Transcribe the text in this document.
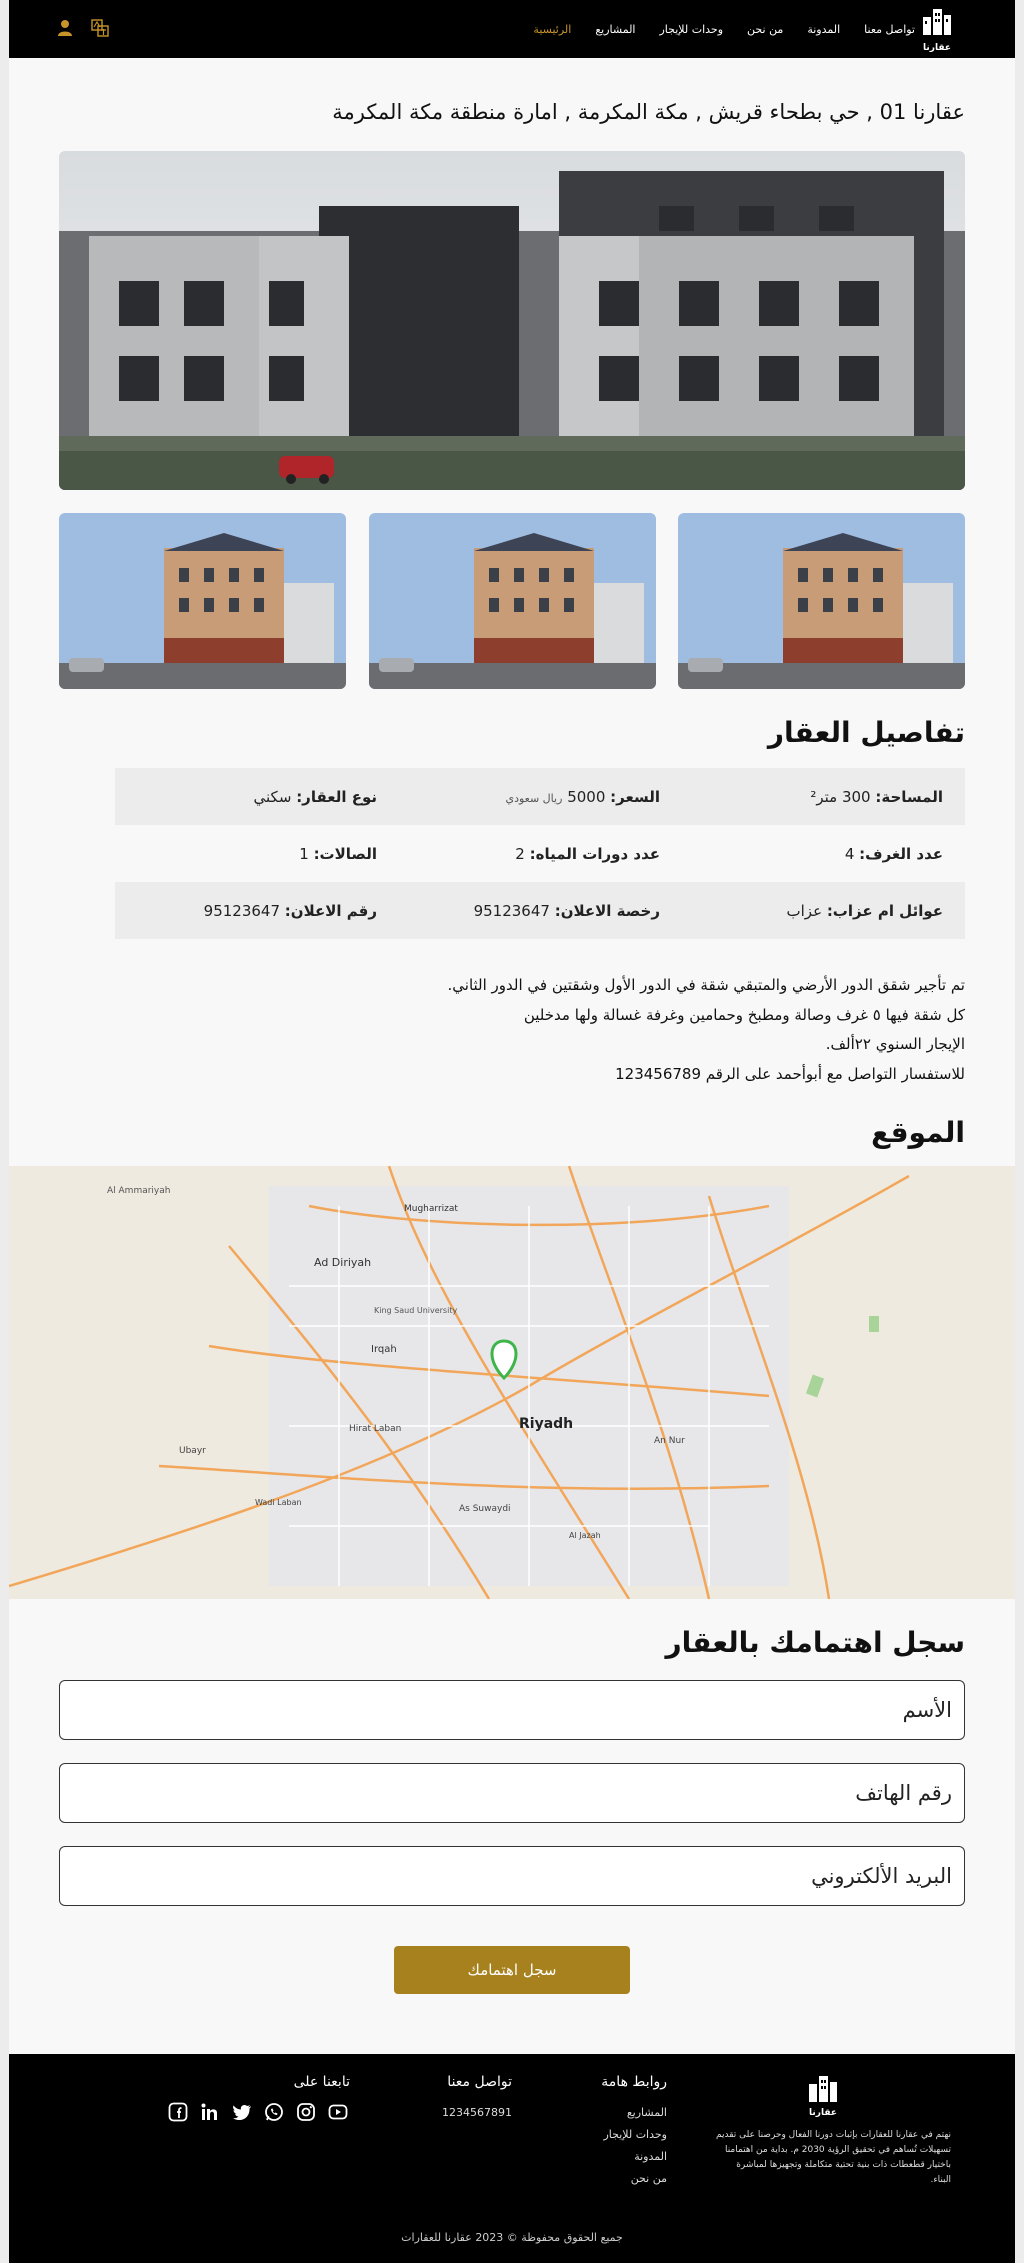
عقارنا
الرئيسية المشاريع وحدات للإيجار من نحن المدونة تواصل معنا
عقارنا 01 , حي بطحاء قريش , مكة المكرمة , امارة منطقة مكة المكرمة
تفاصيل العقار
المساحة: 300 متر²
السعر: 5000 ريال سعودي
نوع العقار: سكني
عدد الغرف: 4
عدد دورات المياه: 2
الصالات: 1
عوائل ام عزاب: عزاب
رخصة الاعلان: 95123647
رقم الاعلان: 95123647

تم تأجير شقق الدور الأرضي والمتبقي شقة في الدور الأول وشقتين في الدور الثاني.

كل شقة فيها ٥ غرف وصالة ومطبخ وحمامين وغرفة غسالة ولها مدخلين

الإيجار السنوي ٢٢ألف.

للاستفسار التواصل مع أبوأحمد على الرقم 123456789

الموقع
Riyadh
Al Ammariyah
Mugharrizat
Ad Diriyah
King Saud University
Irqah
Ubayr
Hirat Laban
Wadi Laban
As Suwaydi
Al Jazah
An Nur
سجل اهتمامك بالعقار
الأسم
رقم الهاتف
البريد الألكتروني
سجل اهتمامك
عقارنا

نهتم في عقارنا للعقارات بإثبات دورنا الفعال وحرصنا على تقديم تسهيلات تُساهم في تحقيق الرؤية 2030 م. بداية من اهتمامنا باختيار قطعطات ذات بنية تحتية متكاملة وتجهيزها لمباشرة البناء.

روابط هامة
المشاريع
وحدات للإيجار
المدونة
من نحن
تواصل معنا

1234567891

تابعنا على
جميع الحقوق محفوظة © 2023 عقارنا للعقارات
